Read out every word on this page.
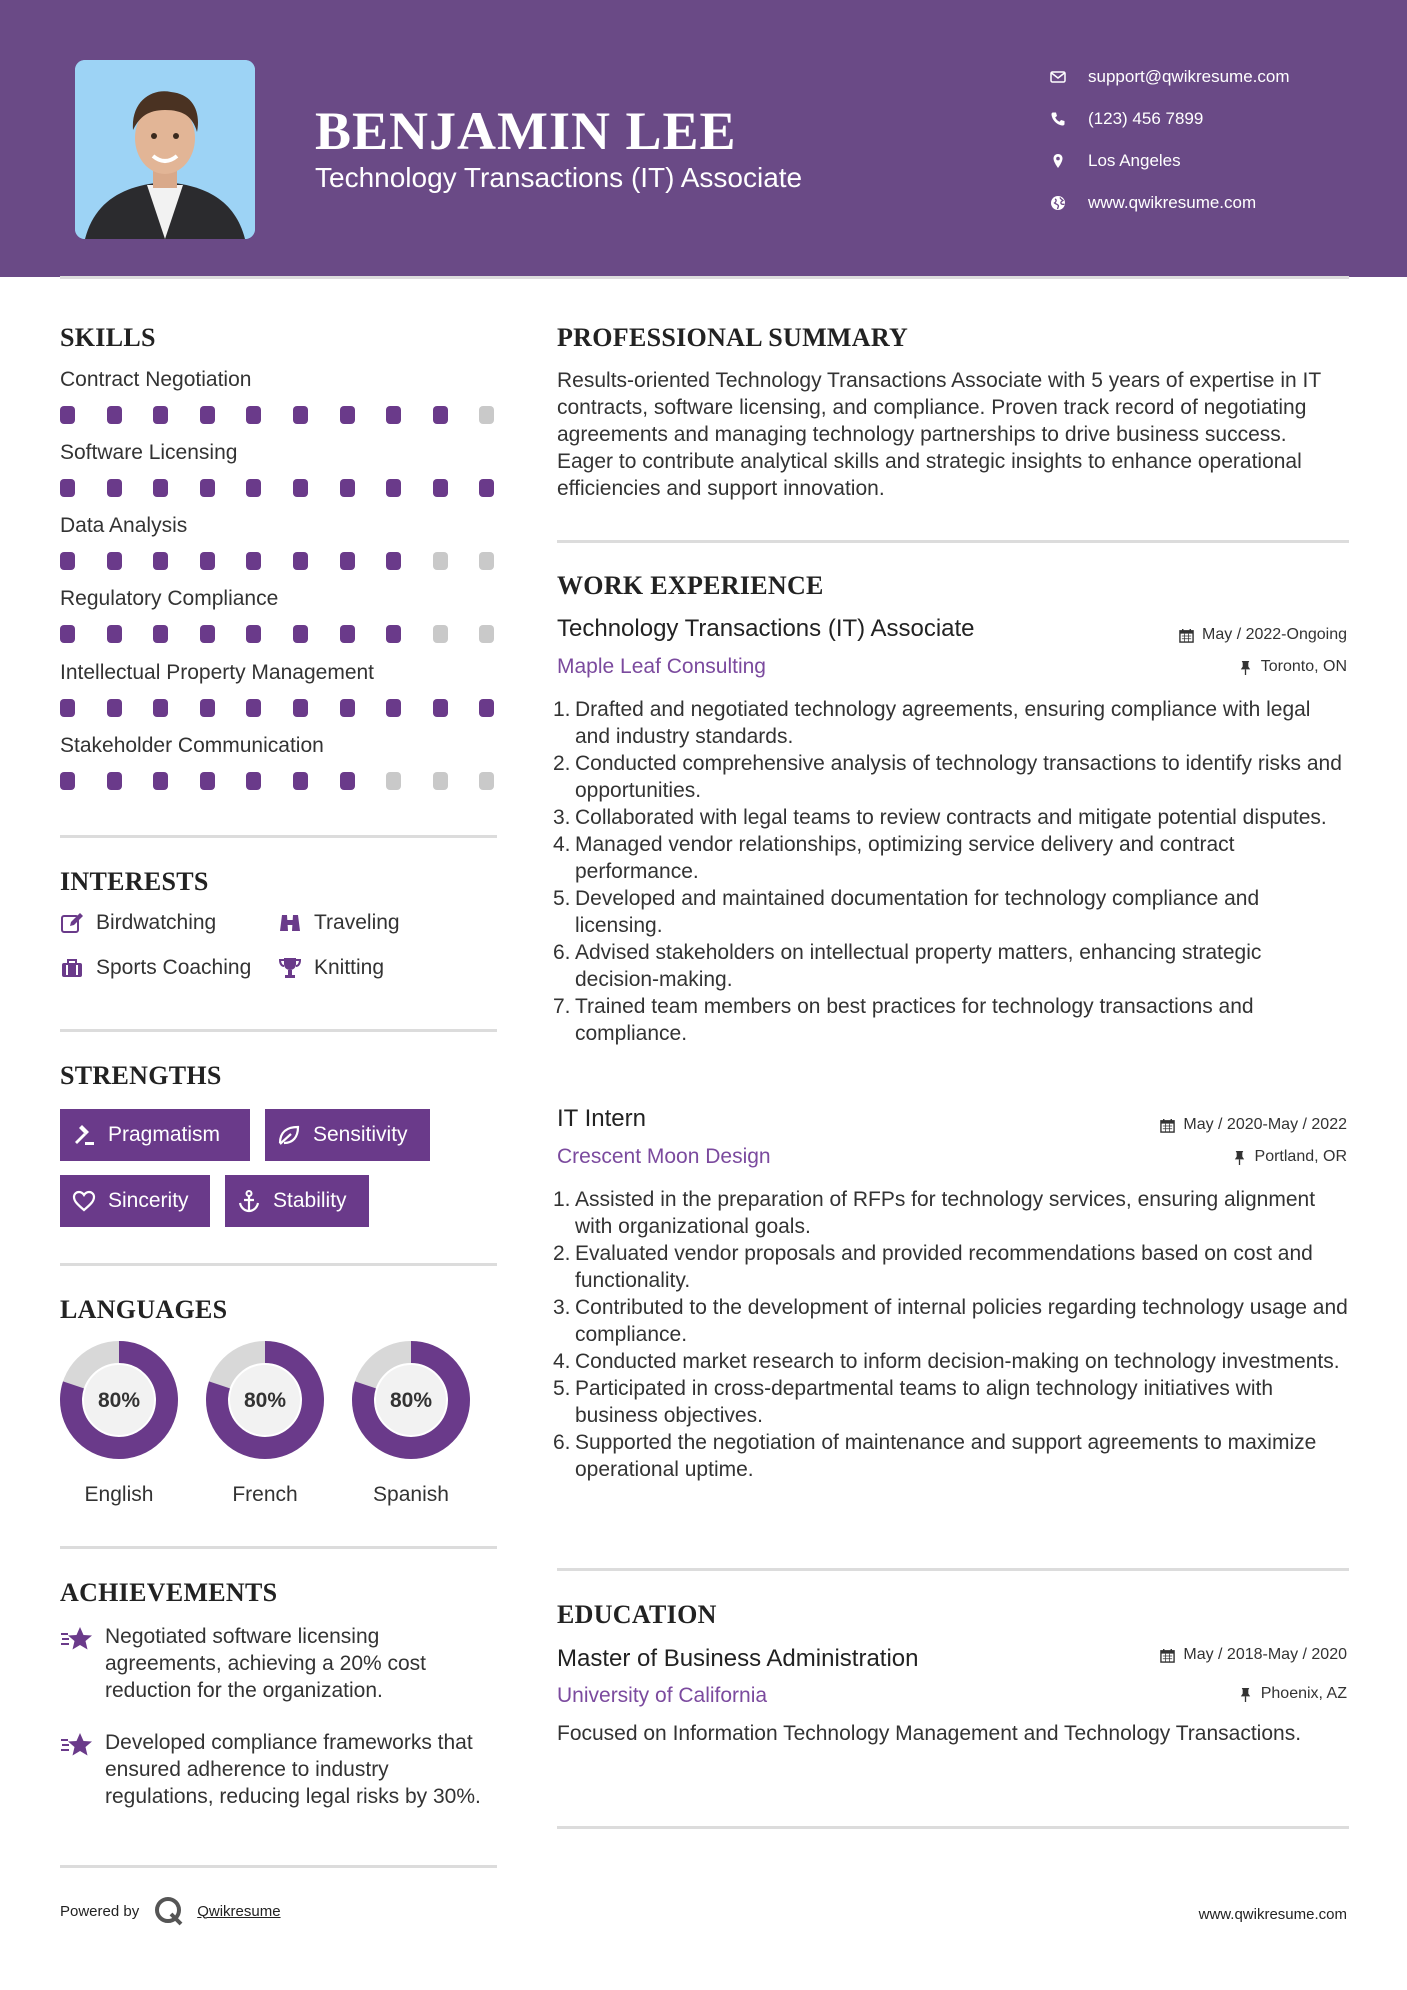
BENJAMIN LEE
Technology Transactions (IT) Associate
support@qwikresume.com
(123) 456 7899
Los Angeles
www.qwikresume.com
SKILLS
Contract Negotiation
Software Licensing
Data Analysis
Regulatory Compliance
Intellectual Property Management
Stakeholder Communication
INTERESTS
Birdwatching	Traveling
Sports Coaching	Knitting
STRENGTHS
Pragmatism	Sensitivity
Sincerity	Stability
LANGUAGES
80%
English
80%
French
80%
Spanish
ACHIEVEMENTS
Negotiated software licensing agreements, achieving a 20% cost reduction for the organization.
Developed compliance frameworks that ensured adherence to industry regulations, reducing legal risks by 30%.
PROFESSIONAL SUMMARY
Results-oriented Technology Transactions Associate with 5 years of expertise in IT contracts, software licensing, and compliance. Proven track record of negotiating agreements and managing technology partnerships to drive business success. Eager to contribute analytical skills and strategic insights to enhance operational efficiencies and support innovation.
WORK EXPERIENCE
Technology Transactions (IT) Associate
Maple Leaf Consulting
May / 2022-Ongoing
Toronto, ON
1. Drafted and negotiated technology agreements, ensuring compliance with legal and industry standards.
2. Conducted comprehensive analysis of technology transactions to identify risks and opportunities.
3. Collaborated with legal teams to review contracts and mitigate potential disputes.
4. Managed vendor relationships, optimizing service delivery and contract performance.
5. Developed and maintained documentation for technology compliance and licensing.
6. Advised stakeholders on intellectual property matters, enhancing strategic decision-making.
7. Trained team members on best practices for technology transactions and compliance.
IT Intern
Crescent Moon Design
May / 2020-May / 2022
Portland, OR
1. Assisted in the preparation of RFPs for technology services, ensuring alignment with organizational goals.
2. Evaluated vendor proposals and provided recommendations based on cost and functionality.
3. Contributed to the development of internal policies regarding technology usage and compliance.
4. Conducted market research to inform decision-making on technology investments.
5. Participated in cross-departmental teams to align technology initiatives with business objectives.
6. Supported the negotiation of maintenance and support agreements to maximize operational uptime.
EDUCATION
Master of Business Administration
University of California
May / 2018-May / 2020
Phoenix, AZ
Focused on Information Technology Management and Technology Transactions.
Powered by	Qwikresume	www.qwikresume.com
